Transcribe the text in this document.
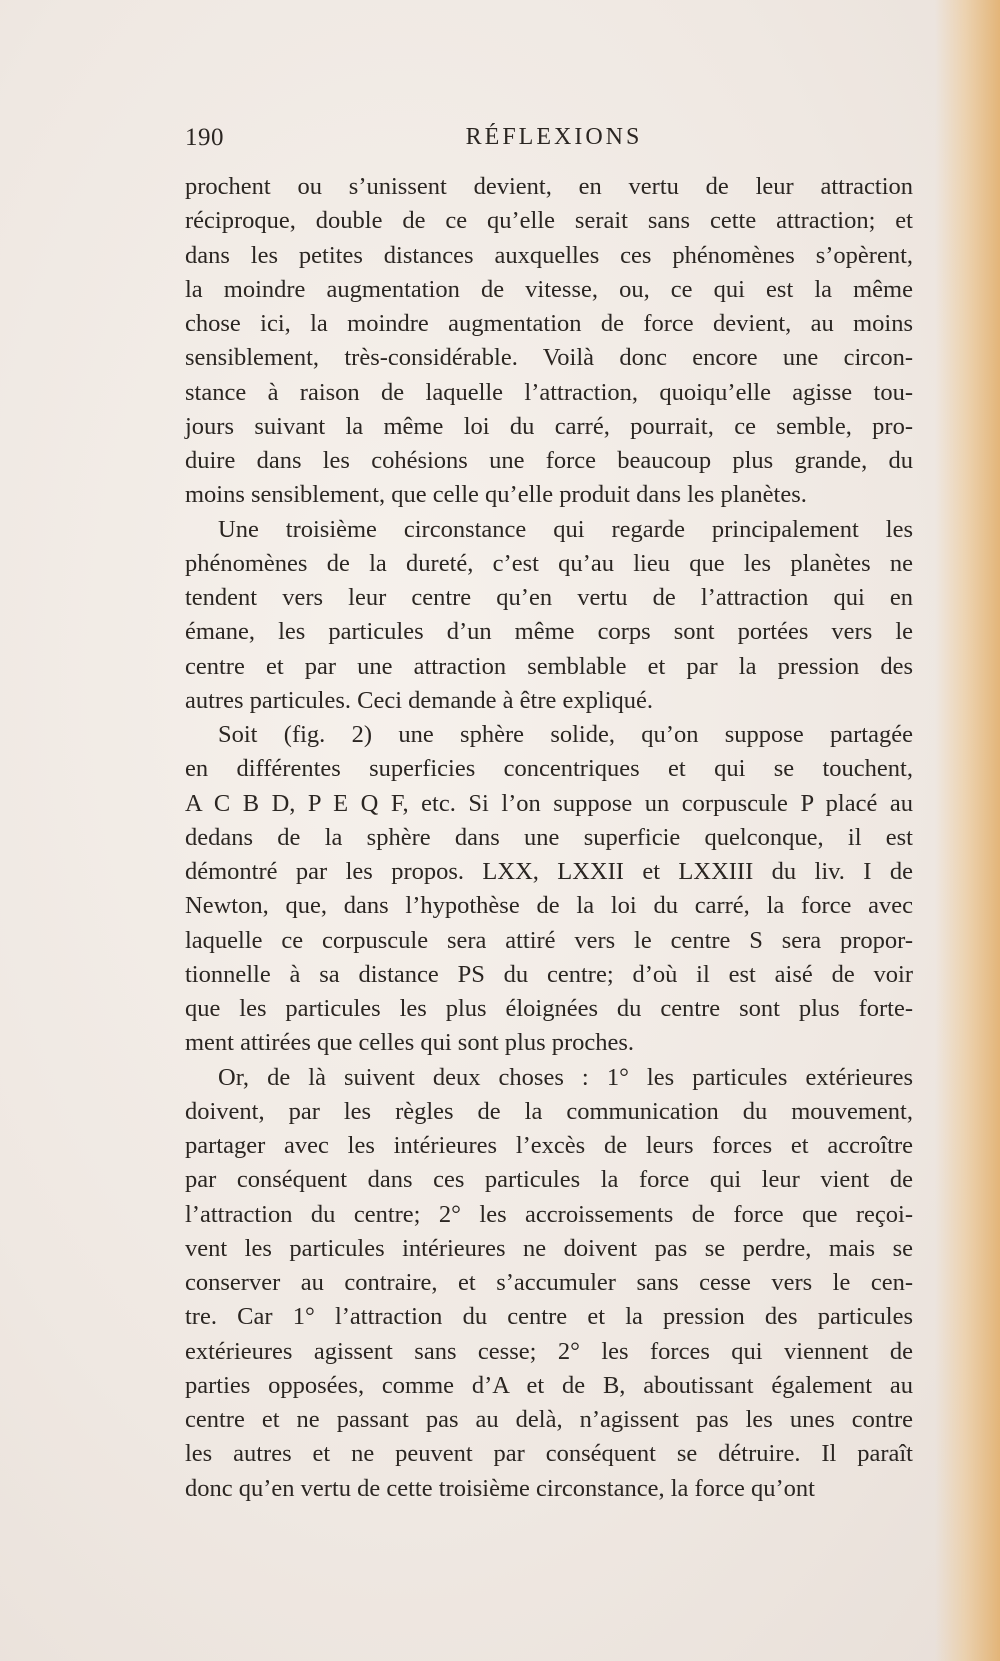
190	RÉFLEXIONS
prochent ou s’unissent devient, en vertu de leur attraction
réciproque, double de ce qu’elle serait sans cette attraction; et
dans les petites distances auxquelles ces phénomènes s’opèrent,
la moindre augmentation de vitesse, ou, ce qui est la même
chose ici, la moindre augmentation de force devient, au moins
sensiblement, très-considérable. Voilà donc encore une circon-
stance à raison de laquelle l’attraction, quoiqu’elle agisse tou-
jours suivant la même loi du carré, pourrait, ce semble, pro-
duire dans les cohésions une force beaucoup plus grande, du
moins sensiblement, que celle qu’elle produit dans les planètes.
Une troisième circonstance qui regarde principalement les
phénomènes de la dureté, c’est qu’au lieu que les planètes ne
tendent vers leur centre qu’en vertu de l’attraction qui en
émane, les particules d’un même corps sont portées vers le
centre et par une attraction semblable et par la pression des
autres particules. Ceci demande à être expliqué.
Soit (fig. 2) une sphère solide, qu’on suppose partagée
en différentes superficies concentriques et qui se touchent,
A C B D, P E Q F, etc. Si l’on suppose un corpuscule P placé au
dedans de la sphère dans une superficie quelconque, il est
démontré par les propos. LXX, LXXII et LXXIII du liv. I de
Newton, que, dans l’hypothèse de la loi du carré, la force avec
laquelle ce corpuscule sera attiré vers le centre S sera propor-
tionnelle à sa distance PS du centre; d’où il est aisé de voir
que les particules les plus éloignées du centre sont plus forte-
ment attirées que celles qui sont plus proches.
Or, de là suivent deux choses : 1° les particules extérieures
doivent, par les règles de la communication du mouvement,
partager avec les intérieures l’excès de leurs forces et accroître
par conséquent dans ces particules la force qui leur vient de
l’attraction du centre; 2° les accroissements de force que reçoi-
vent les particules intérieures ne doivent pas se perdre, mais se
conserver au contraire, et s’accumuler sans cesse vers le cen-
tre. Car 1° l’attraction du centre et la pression des particules
extérieures agissent sans cesse; 2° les forces qui viennent de
parties opposées, comme d’A et de B, aboutissant également au
centre et ne passant pas au delà, n’agissent pas les unes contre
les autres et ne peuvent par conséquent se détruire. Il paraît
donc qu’en vertu de cette troisième circonstance, la force qu’ont
